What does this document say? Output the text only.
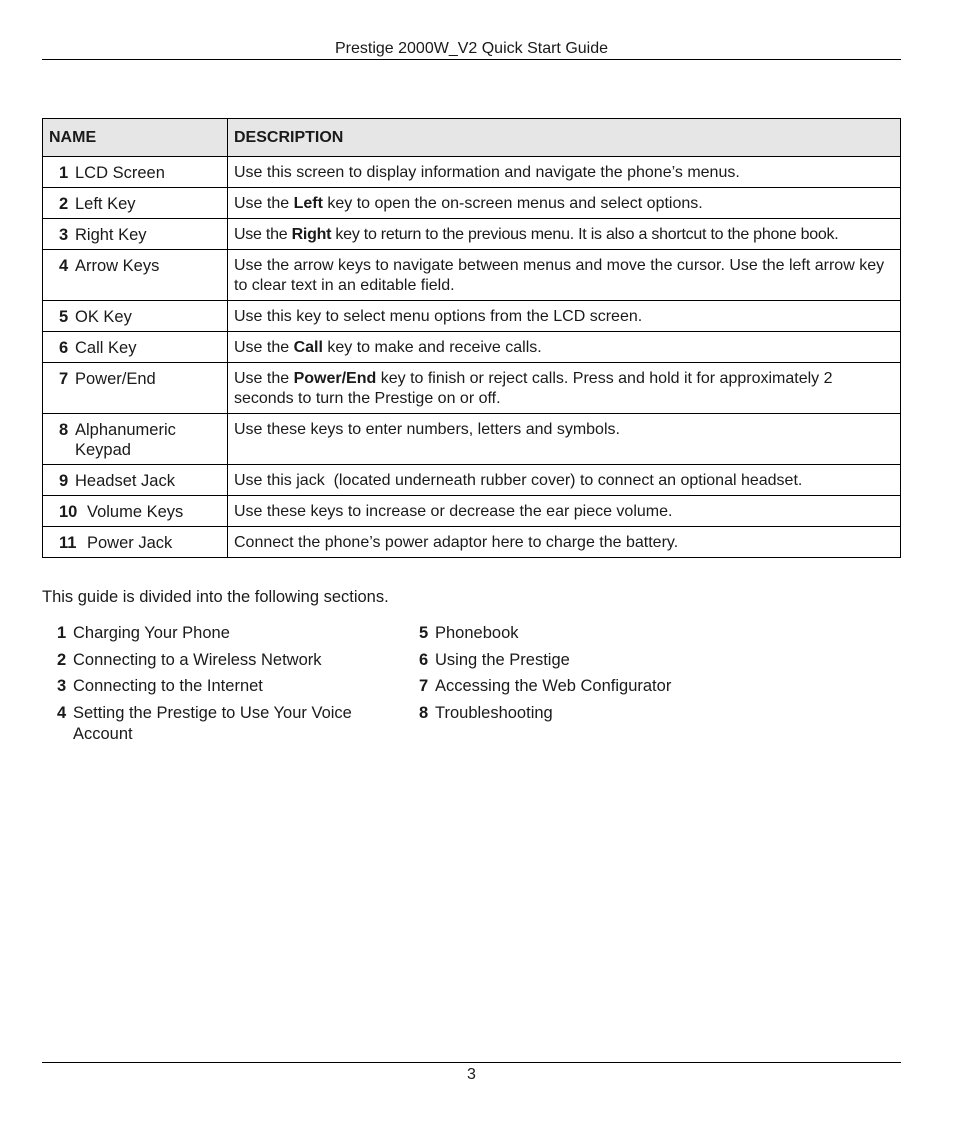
Prestige 2000W_V2 Quick Start Guide
NAME	DESCRIPTION

1 LCD Screen	Use this screen to display information and navigate the phone’s menus.

2 Left Key	Use the Left key to open the on-screen menus and select options.

3 Right Key	Use the Right key to return to the previous menu. It is also a shortcut to the phone book.

4 Arrow Keys	Use the arrow keys to navigate between menus and move the cursor. Use the left arrow key to clear text in an editable field.

5 OK Key	Use this key to select menu options from the LCD screen.

6 Call Key	Use the Call key to make and receive calls.

7 Power/End	Use the Power/End key to finish or reject calls. Press and hold it for approximately 2 seconds to turn the Prestige on or off.

8 Alphanumeric Keypad	Use these keys to enter numbers, letters and symbols.

9 Headset Jack	Use this jack  (located underneath rubber cover) to connect an optional headset.

10 Volume Keys	Use these keys to increase or decrease the ear piece volume.

11 Power Jack	Connect the phone’s power adaptor here to charge the battery.
This guide is divided into the following sections.
1 Charging Your Phone
2 Connecting to a Wireless Network
3 Connecting to the Internet
4 Setting the Prestige to Use Your Voice Account
5 Phonebook
6 Using the Prestige
7 Accessing the Web Configurator
8 Troubleshooting
3
